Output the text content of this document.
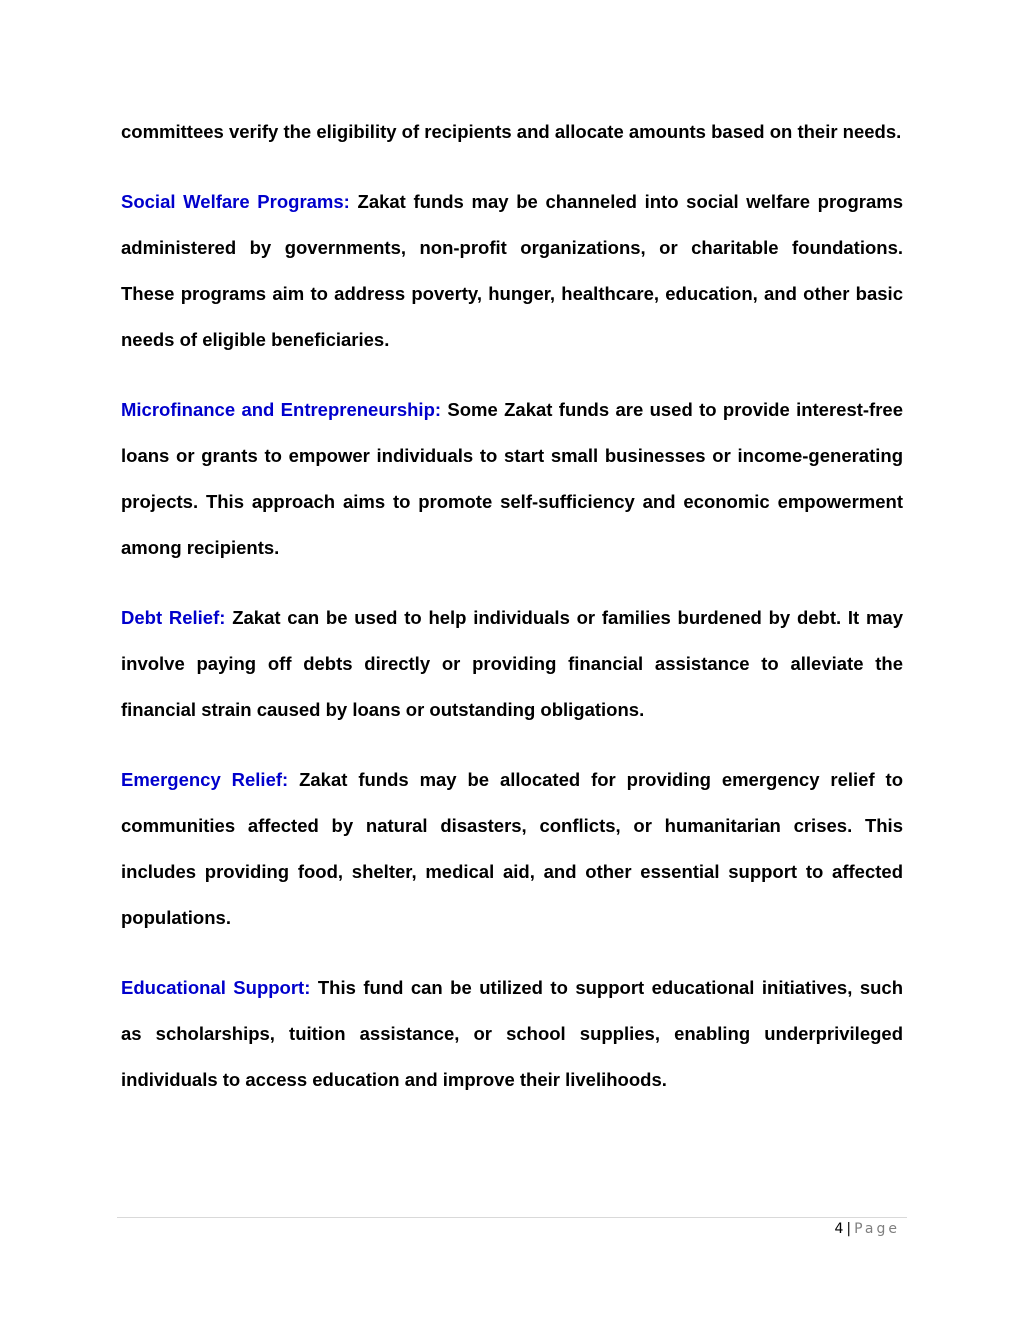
committees verify the eligibility of recipients and allocate amounts based on their needs.

Social Welfare Programs: Zakat funds may be channeled into social welfare programs administered by governments, non-profit organizations, or charitable foundations. These programs aim to address poverty, hunger, healthcare, education, and other basic needs of eligible beneficiaries.

Microfinance and Entrepreneurship: Some Zakat funds are used to provide interest-free loans or grants to empower individuals to start small businesses or income-generating projects. This approach aims to promote self-sufficiency and economic empowerment among recipients.

Debt Relief: Zakat can be used to help individuals or families burdened by debt. It may involve paying off debts directly or providing financial assistance to alleviate the financial strain caused by loans or outstanding obligations.

Emergency Relief: Zakat funds may be allocated for providing emergency relief to communities affected by natural disasters, conflicts, or humanitarian crises. This includes providing food, shelter, medical aid, and other essential support to affected populations.

Educational Support: This fund can be utilized to support educational initiatives, such as scholarships, tuition assistance, or school supplies, enabling underprivileged individuals to access education and improve their livelihoods.

4 | Page
